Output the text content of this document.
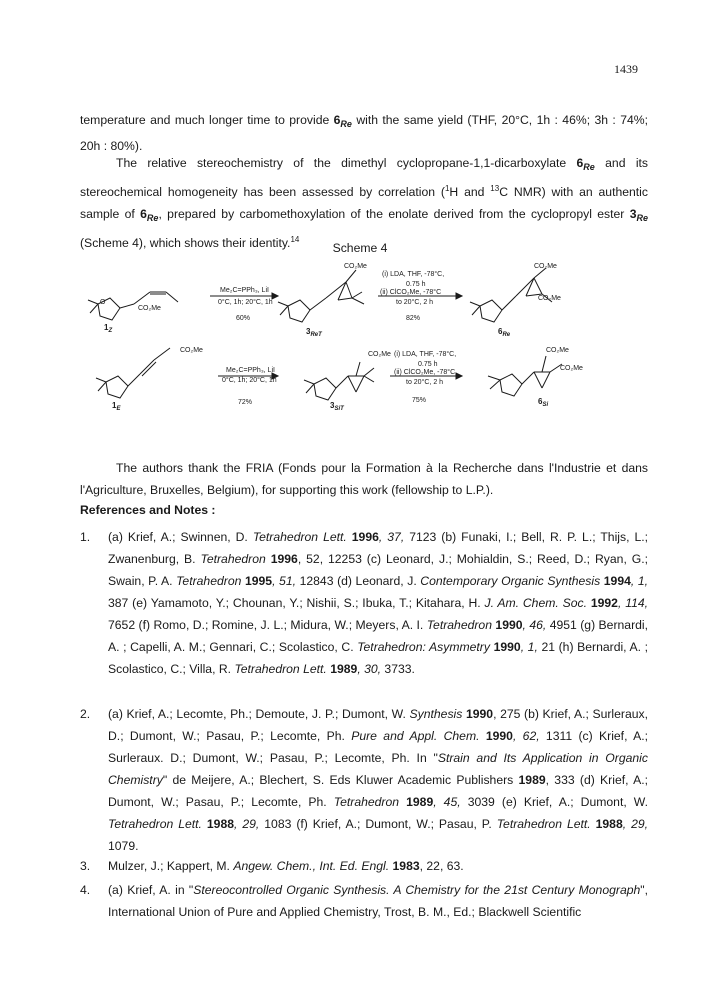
1439
temperature and much longer time to provide $6_{Re}$ with the same yield (THF, 20°C, 1h : 46%; 3h : 74%; 20h : 80%).
The relative stereochemistry of the dimethyl cyclopropane-1,1-dicarboxylate $6_{Re}$ and its stereochemical homogeneity has been assessed by correlation ($^1$H and $^{13}$C NMR) with an authentic sample of $6_{Re}$, prepared by carbomethoxylation of the enolate derived from the cyclopropyl ester $3_{Re}$ (Scheme 4), which shows their identity.$^{14}$
Scheme 4
CO₂Me
O
Me₂C=PPh₃, LiI
0°C, 1h; 20°C, 1h
60%
CO₂Me
(i) LDA, THF, -78°C,
0.75 h
(ii) ClCO₂Me, -78°C
to 20°C, 2 h
82%
CO₂Me
CO₂Me
CO₂Me
Me₂C=PPh₃, LiI
0°C, 1h; 20°C, 1h
72%
CO₂Me (i) LDA, THF, -78°C,
0.75 h
(ii) ClCO₂Me, -78°C
to 20°C, 2 h
75%
CO₂Me
CO₂Me
$1_Z$	$3_{ReT}$	$6_{Re}$
$1_E$	$3_{SiT}$
$6_{Si}$
The authors thank the FRIA (Fonds pour la Formation à la Recherche dans l'Industrie et dans l'Agriculture, Bruxelles, Belgium), for supporting this work (fellowship to L.P.).
References and Notes :
1. (a) Krief, A.; Swinnen, D. Tetrahedron Lett. 1996, 37, 7123 (b) Funaki, I.; Bell, R. P. L.; Thijs, L.; Zwanenburg, B. Tetrahedron 1996, 52, 12253 (c) Leonard, J.; Mohialdin, S.; Reed, D.; Ryan, G.; Swain, P. A. Tetrahedron 1995, 51, 12843 (d) Leonard, J. Contemporary Organic Synthesis 1994, 1, 387 (e) Yamamoto, Y.; Chounan, Y.; Nishii, S.; Ibuka, T.; Kitahara, H. J. Am. Chem. Soc. 1992, 114, 7652 (f) Romo, D.; Romine, J. L.; Midura, W.; Meyers, A. I. Tetrahedron 1990, 46, 4951 (g) Bernardi, A. ; Capelli, A. M.; Gennari, C.; Scolastico, C. Tetrahedron: Asymmetry 1990, 1, 21 (h) Bernardi, A. ; Scolastico, C.; Villa, R. Tetrahedron Lett. 1989, 30, 3733.
2. (a) Krief, A.; Lecomte, Ph.; Demoute, J. P.; Dumont, W. Synthesis 1990, 275 (b) Krief, A.; Surleraux, D.; Dumont, W.; Pasau, P.; Lecomte, Ph. Pure and Appl. Chem. 1990, 62, 1311 (c) Krief, A.; Surleraux. D.; Dumont, W.; Pasau, P.; Lecomte, Ph. In "Strain and Its Application in Organic Chemistry" de Meijere, A.; Blechert, S. Eds Kluwer Academic Publishers 1989, 333 (d) Krief, A.; Dumont, W.; Pasau, P.; Lecomte, Ph. Tetrahedron 1989, 45, 3039 (e) Krief, A.; Dumont, W. Tetrahedron Lett. 1988, 29, 1083 (f) Krief, A.; Dumont, W.; Pasau, P. Tetrahedron Lett. 1988, 29, 1079.
3. Mulzer, J.; Kappert, M. Angew. Chem., Int. Ed. Engl. 1983, 22, 63.
4. (a) Krief, A. in "Stereocontrolled Organic Synthesis. A Chemistry for the 21st Century Monograph", International Union of Pure and Applied Chemistry, Trost, B. M., Ed.; Blackwell Scientific
